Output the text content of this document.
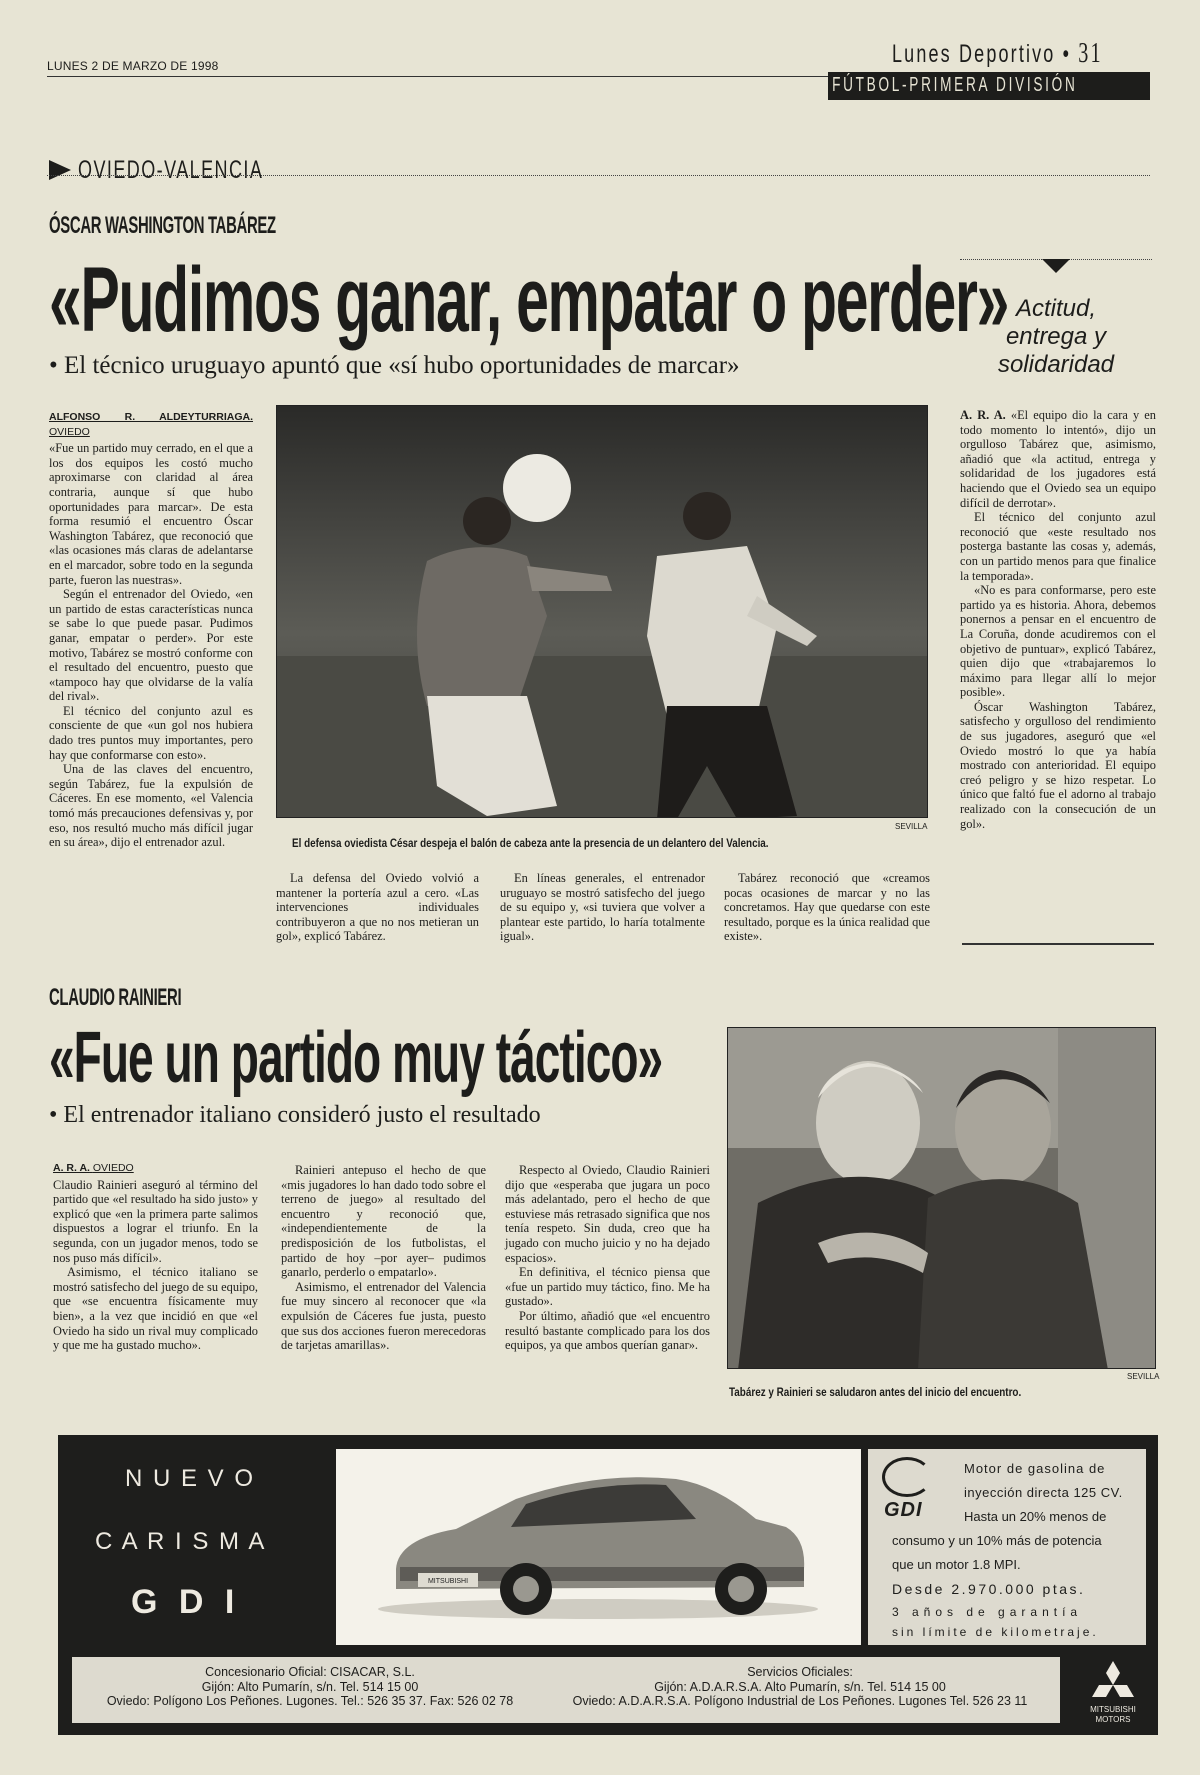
LUNES 2 DE MARZO DE 1998	Lunes Deportivo • 31
FÚTBOL-PRIMERA DIVISIÓN
OVIEDO-VALENCIA
ÓSCAR WASHINGTON TABÁREZ
«Pudimos ganar, empatar o perder»
• El técnico uruguayo apuntó que «sí hubo oportunidades de marcar»
ALFONSO R. ALDEYTURRIAGA. OVIEDO

«Fue un partido muy cerrado, en el que a los dos equipos les costó mucho aproximarse con claridad al área contraria, aunque sí que hubo oportunidades para marcar». De esta forma resumió el encuentro Óscar Washington Tabárez, que reconoció que «las ocasiones más claras de adelantarse en el marcador, sobre todo en la segunda parte, fueron las nuestras».

Según el entrenador del Oviedo, «en un partido de estas características nunca se sabe lo que puede pasar. Pudimos ganar, empatar o perder». Por este motivo, Tabárez se mostró conforme con el resultado del encuentro, puesto que «tampoco hay que olvidarse de la valía del rival».

El técnico del conjunto azul es consciente de que «un gol nos hubiera dado tres puntos muy importantes, pero hay que conformarse con esto».

Una de las claves del encuentro, según Tabárez, fue la expulsión de Cáceres. En ese momento, «el Valencia tomó más precauciones defensivas y, por eso, nos resultó mucho más difícil jugar en su área», dijo el entrenador azul.

SEVILLA
El defensa oviedista César despeja el balón de cabeza ante la presencia de un delantero del Valencia.

La defensa del Oviedo volvió a mantener la portería azul a cero. «Las intervenciones individuales contribuyeron a que no nos metieran un gol», explicó Tabárez.

En líneas generales, el entrenador uruguayo se mostró satisfecho del juego de su equipo y, «si tuviera que volver a plantear este partido, lo haría totalmente igual».

Tabárez reconoció que «creamos pocas ocasiones de marcar y no las concretamos. Hay que quedarse con este resultado, porque es la única realidad que existe».

Actitud, entrega y solidaridad

A. R. A. «El equipo dio la cara y en todo momento lo intentó», dijo un orgulloso Tabárez que, asimismo, añadió que «la actitud, entrega y solidaridad de los jugadores está haciendo que el Oviedo sea un equipo difícil de derrotar».

El técnico del conjunto azul reconoció que «este resultado nos posterga bastante las cosas y, además, con un partido menos para que finalice la temporada».

«No es para conformarse, pero este partido ya es historia. Ahora, debemos ponernos a pensar en el encuentro de La Coruña, donde acudiremos con el objetivo de puntuar», explicó Tabárez, quien dijo que «trabajaremos lo máximo para llegar allí lo mejor posible».

Óscar Washington Tabárez, satisfecho y orgulloso del rendimiento de sus jugadores, aseguró que «el Oviedo mostró lo que ya había mostrado con anterioridad. El equipo creó peligro y se hizo respetar. Lo único que faltó fue el adorno al trabajo realizado con la consecución de un gol».

CLAUDIO RAINIERI
«Fue un partido muy táctico»
• El entrenador italiano consideró justo el resultado
A. R. A. OVIEDO

Claudio Rainieri aseguró al término del partido que «el resultado ha sido justo» y explicó que «en la primera parte salimos dispuestos a lograr el triunfo. En la segunda, con un jugador menos, todo se nos puso más difícil».

Asimismo, el técnico italiano se mostró satisfecho del juego de su equipo, que «se encuentra físicamente muy bien», a la vez que incidió en que «el Oviedo ha sido un rival muy complicado y que me ha gustado mucho».

Rainieri antepuso el hecho de que «mis jugadores lo han dado todo sobre el terreno de juego» al resultado del encuentro y reconoció que, «independientemente de la predisposición de los futbolistas, el partido de hoy –por ayer– pudimos ganarlo, perderlo o empatarlo».

Asimismo, el entrenador del Valencia fue muy sincero al reconocer que «la expulsión de Cáceres fue justa, puesto que sus dos acciones fueron merecedoras de tarjetas amarillas».

Respecto al Oviedo, Claudio Rainieri dijo que «esperaba que jugara un poco más adelantado, pero el hecho de que estuviese más retrasado significa que nos tenía respeto. Sin duda, creo que ha jugado con mucho juicio y no ha dejado espacios».

En definitiva, el técnico piensa que «fue un partido muy táctico, fino. Me ha gustado».

Por último, añadió que «el encuentro resultó bastante complicado para los dos equipos, ya que ambos querían ganar».

SEVILLA
Tabárez y Rainieri se saludaron antes del inicio del encuentro.
N U E V O
C A R I S M A
G D I
MITSUBISHI
GDI
Motor de gasolina de
inyección directa 125 CV.
Hasta un 20% menos de
consumo y un 10% más de potencia
que un motor 1.8 MPI.
Desde 2.970.000 ptas.
3 años de garantía
sin límite de kilometraje.
Concesionario Oficial: CISACAR, S.L.
Gijón: Alto Pumarín, s/n. Tel. 514 15 00
Oviedo: Polígono Los Peñones. Lugones. Tel.: 526 35 37. Fax: 526 02 78
Servicios Oficiales:
Gijón: A.D.A.R.S.A. Alto Pumarín, s/n. Tel. 514 15 00
Oviedo: A.D.A.R.S.A. Polígono Industrial de Los Peñones. Lugones Tel. 526 23 11
MITSUBISHI
MOTORS
